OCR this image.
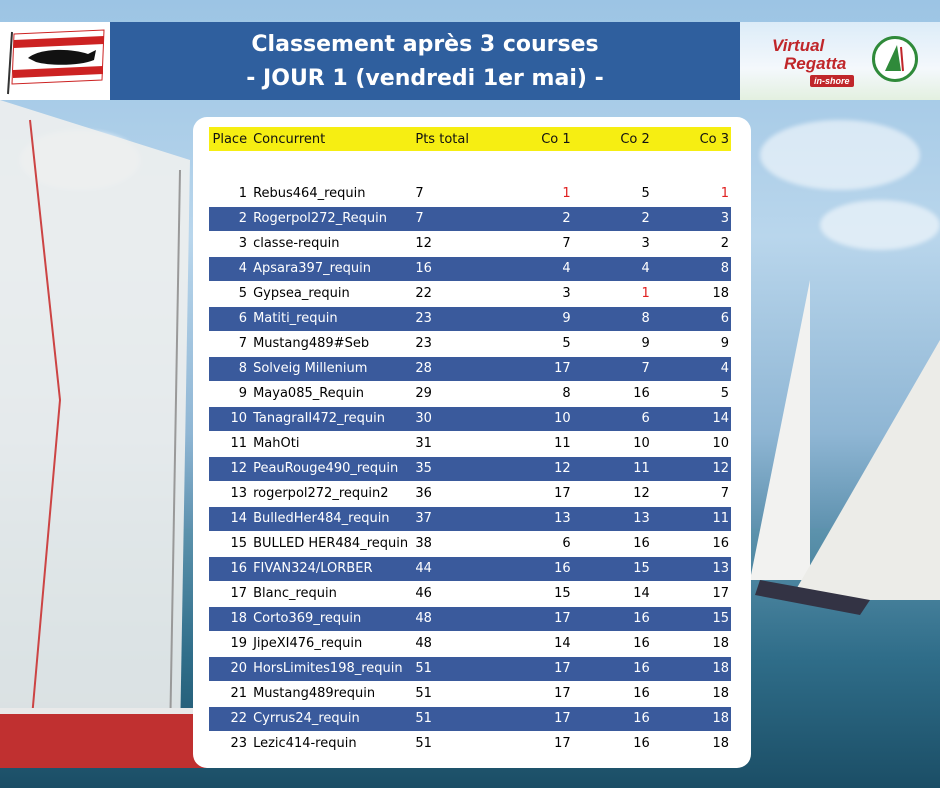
Classement après 3 courses
- JOUR 1 (vendredi 1er mai) -
Virtual
Regatta
in-shore
Place	Concurrent	Pts total	Co 1	Co 2	Co 3

1	Rebus464_requin	7	1	5	1
2	Rogerpol272_Requin	7	2	2	3
3	classe-requin	12	7	3	2
4	Apsara397_requin	16	4	4	8
5	Gypsea_requin	22	3	1	18
6	Matiti_requin	23	9	8	6
7	Mustang489#Seb	23	5	9	9
8	Solveig Millenium	28	17	7	4
9	Maya085_Requin	29	8	16	5
10	TanagraII472_requin	30	10	6	14
11	MahOti	31	11	10	10
12	PeauRouge490_requin	35	12	11	12
13	rogerpol272_requin2	36	17	12	7
14	BulledHer484_requin	37	13	13	11
15	BULLED HER484_requin	38	6	16	16
16	FIVAN324/LORBER	44	16	15	13
17	Blanc_requin	46	15	14	17
18	Corto369_requin	48	17	16	15
19	JipeXI476_requin	48	14	16	18
20	HorsLimites198_requin	51	17	16	18
21	Mustang489requin	51	17	16	18
22	Cyrrus24_requin	51	17	16	18
23	Lezic414-requin	51	17	16	18
